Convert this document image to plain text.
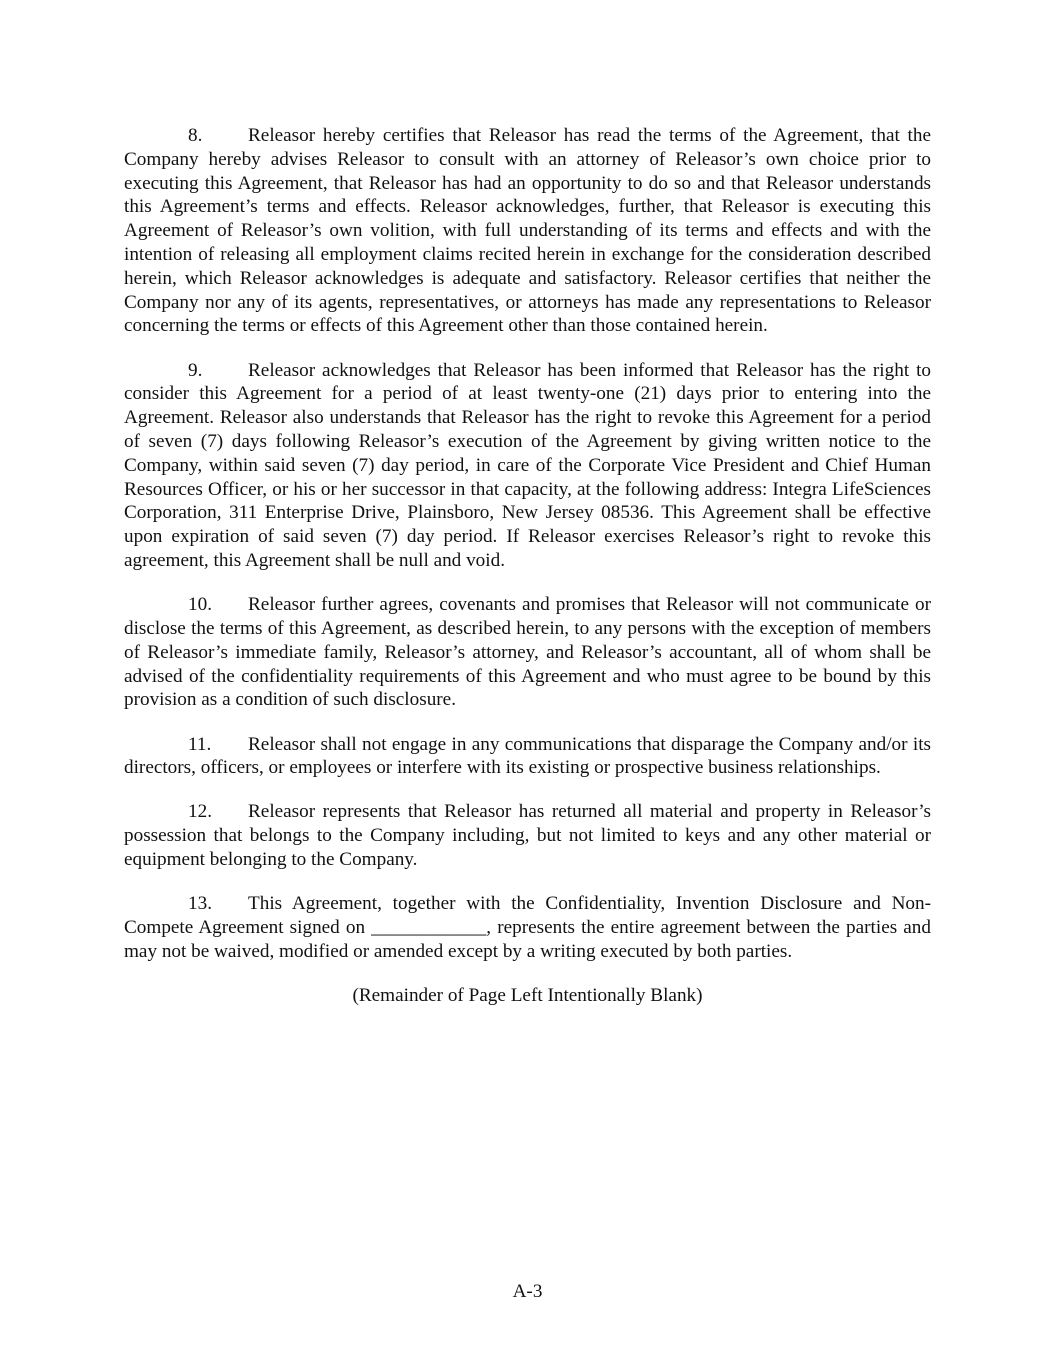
8. Releasor hereby certifies that Releasor has read the terms of the Agreement, that the Company hereby advises Releasor to consult with an attorney of Releasor’s own choice prior to executing this Agreement, that Releasor has had an opportunity to do so and that Releasor understands this Agreement’s terms and effects. Releasor acknowledges, further, that Releasor is executing this Agreement of Releasor’s own volition, with full understanding of its terms and effects and with the intention of releasing all employment claims recited herein in exchange for the consideration described herein, which Releasor acknowledges is adequate and satisfactory. Releasor certifies that neither the Company nor any of its agents, representatives, or attorneys has made any representations to Releasor concerning the terms or effects of this Agreement other than those contained herein.

9. Releasor acknowledges that Releasor has been informed that Releasor has the right to consider this Agreement for a period of at least twenty-one (21) days prior to entering into the Agreement. Releasor also understands that Releasor has the right to revoke this Agreement for a period of seven (7) days following Releasor’s execution of the Agreement by giving written notice to the Company, within said seven (7) day period, in care of the Corporate Vice President and Chief Human Resources Officer, or his or her successor in that capacity, at the following address: Integra LifeSciences Corporation, 311 Enterprise Drive, Plainsboro, New Jersey 08536. This Agreement shall be effective upon expiration of said seven (7) day period. If Releasor exercises Releasor’s right to revoke this agreement, this Agreement shall be null and void.

10. Releasor further agrees, covenants and promises that Releasor will not communicate or disclose the terms of this Agreement, as described herein, to any persons with the exception of members of Releasor’s immediate family, Releasor’s attorney, and Releasor’s accountant, all of whom shall be advised of the confidentiality requirements of this Agreement and who must agree to be bound by this provision as a condition of such disclosure.

11. Releasor shall not engage in any communications that disparage the Company and/or its directors, officers, or employees or interfere with its existing or prospective business relationships.

12. Releasor represents that Releasor has returned all material and property in Releasor’s possession that belongs to the Company including, but not limited to keys and any other material or equipment belonging to the Company.

13. This Agreement, together with the Confidentiality, Invention Disclosure and Non-Compete Agreement signed on ____________, represents the entire agreement between the parties and may not be waived, modified or amended except by a writing executed by both parties.

(Remainder of Page Left Intentionally Blank)

A-3
